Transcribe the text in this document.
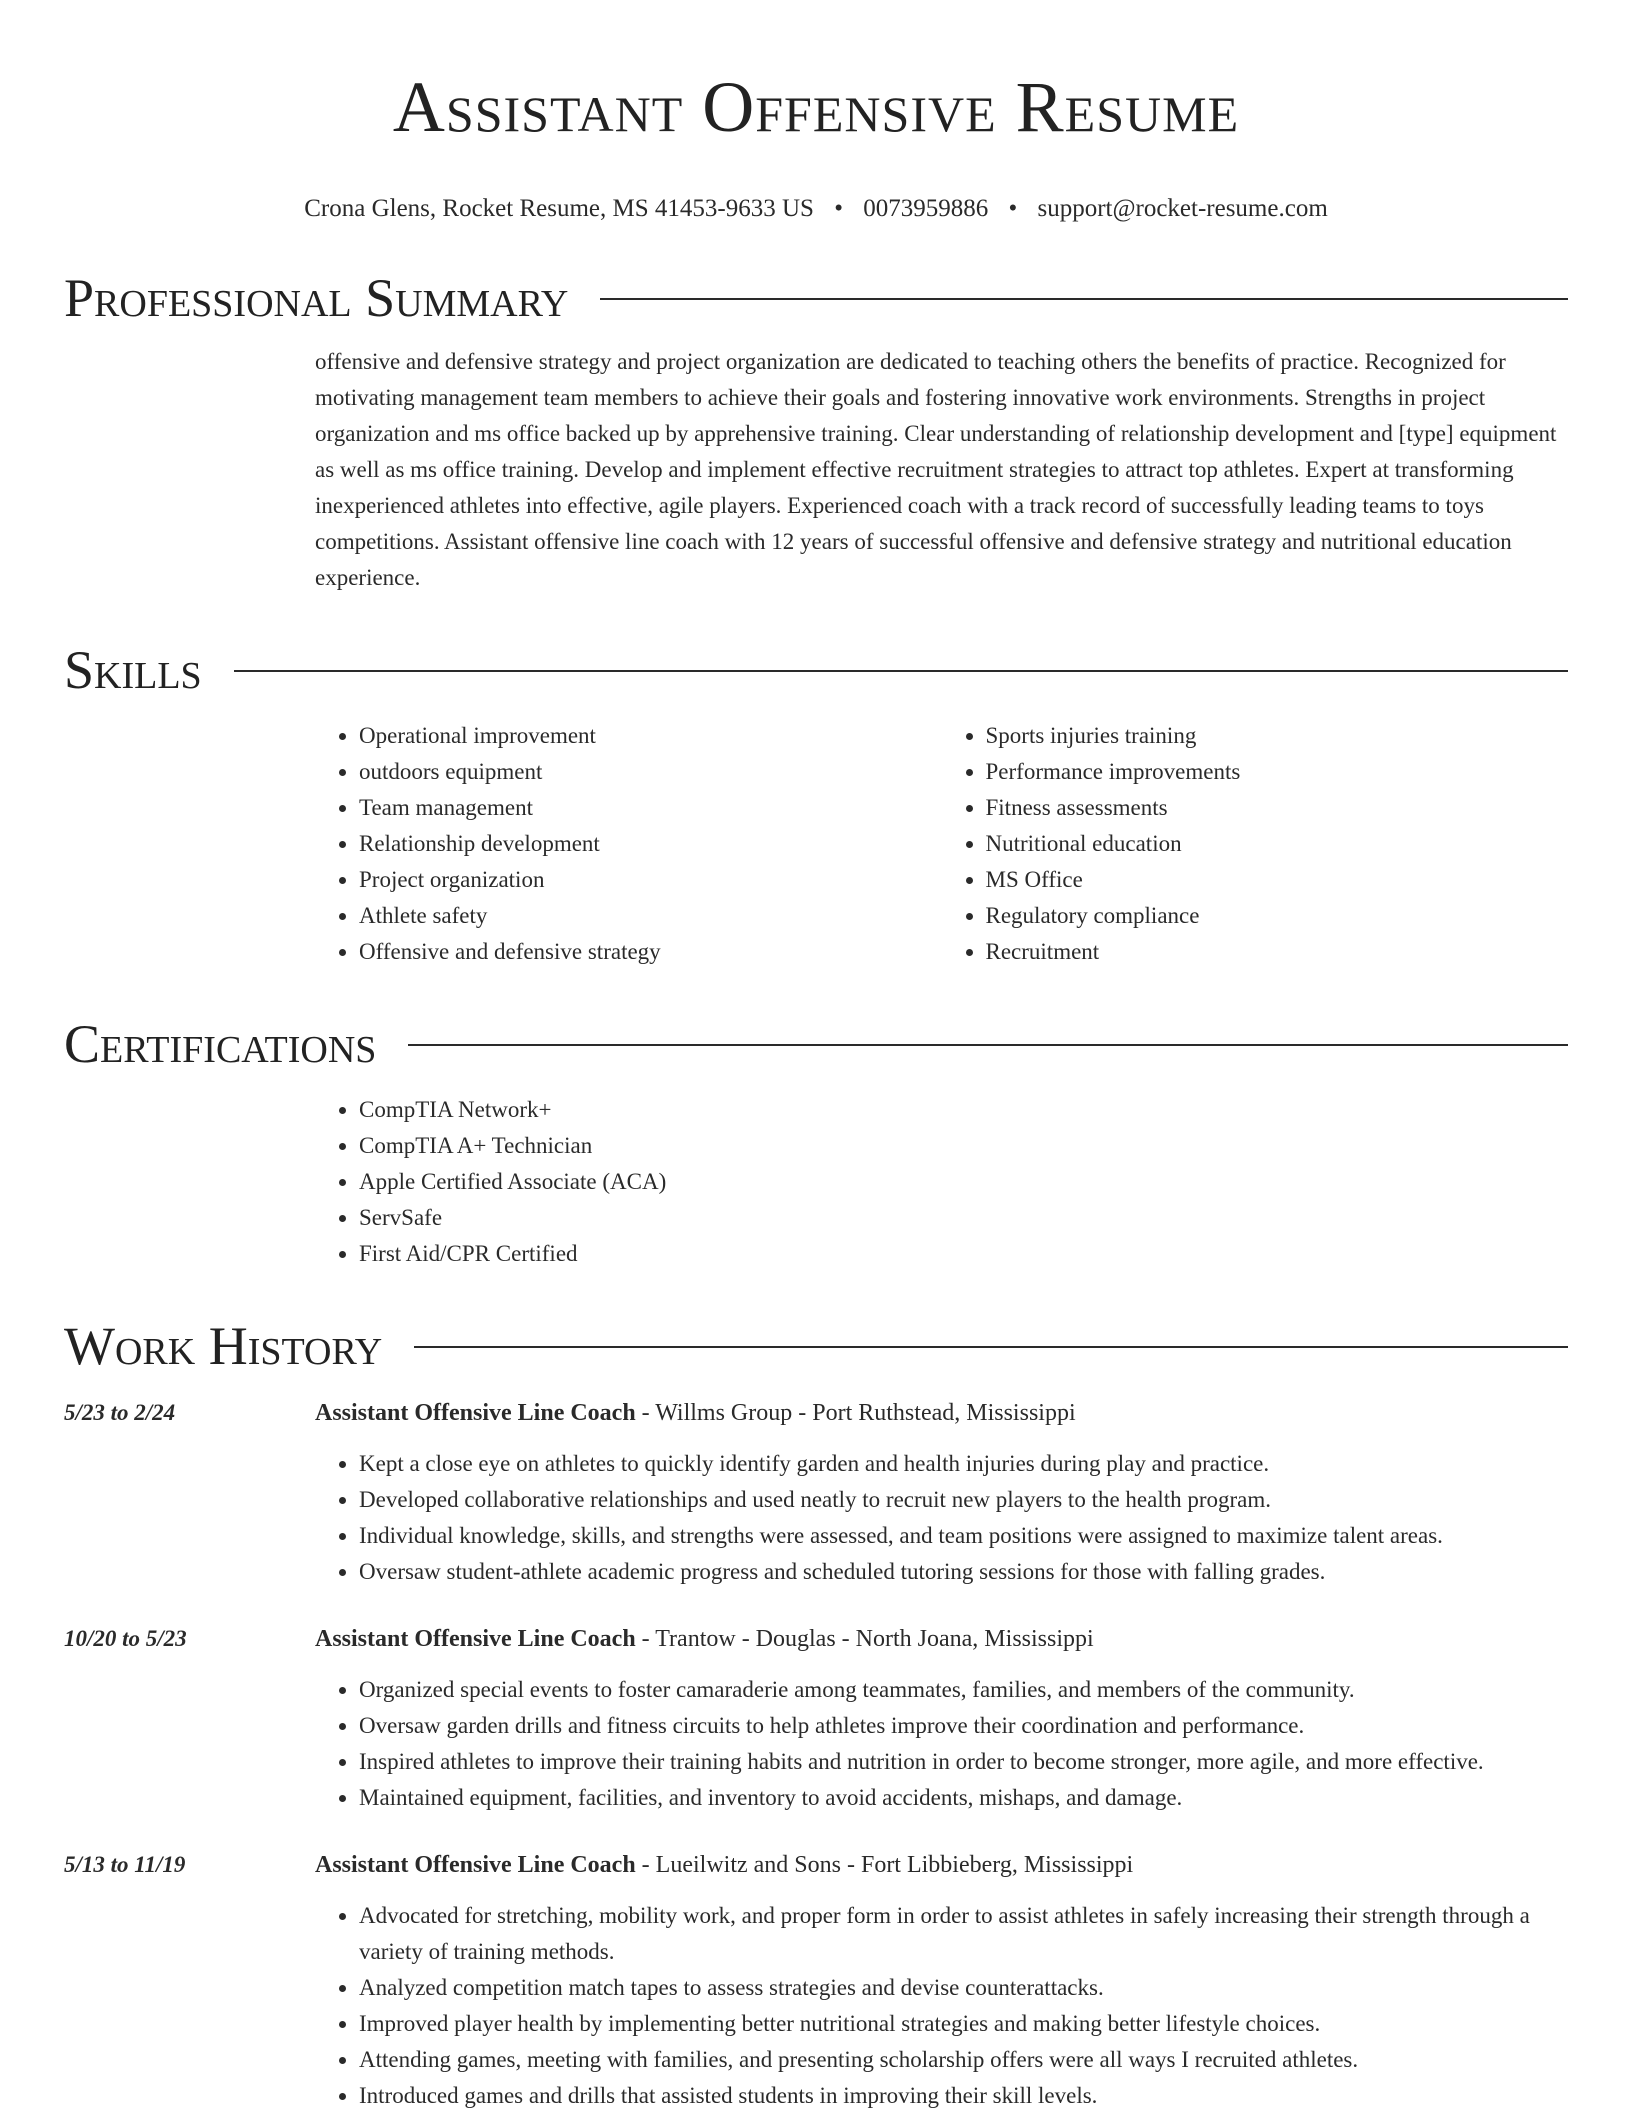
Assistant Offensive Resume
Crona Glens, Rocket Resume, MS 41453-9633 US • 0073959886 • support@rocket-resume.com
Professional Summary
offensive and defensive strategy and project organization are dedicated to teaching others the benefits of practice. Recognized for motivating management team members to achieve their goals and fostering innovative work environments. Strengths in project organization and ms office backed up by apprehensive training. Clear understanding of relationship development and [type] equipment as well as ms office training. Develop and implement effective recruitment strategies to attract top athletes. Expert at transforming inexperienced athletes into effective, agile players. Experienced coach with a track record of successfully leading teams to toys competitions. Assistant offensive line coach with 12 years of successful offensive and defensive strategy and nutritional education experience.
Skills
• Operational improvement
• outdoors equipment
• Team management
• Relationship development
• Project organization
• Athlete safety
• Offensive and defensive strategy
• Sports injuries training
• Performance improvements
• Fitness assessments
• Nutritional education
• MS Office
• Regulatory compliance
• Recruitment
Certifications
• CompTIA Network+
• CompTIA A+ Technician
• Apple Certified Associate (ACA)
• ServSafe
• First Aid/CPR Certified
Work History
5/23 to 2/24	Assistant Offensive Line Coach - Willms Group - Port Ruthstead, Mississippi
• Kept a close eye on athletes to quickly identify garden and health injuries during play and practice.
• Developed collaborative relationships and used neatly to recruit new players to the health program.
• Individual knowledge, skills, and strengths were assessed, and team positions were assigned to maximize talent areas.
• Oversaw student-athlete academic progress and scheduled tutoring sessions for those with falling grades.
10/20 to 5/23	Assistant Offensive Line Coach - Trantow - Douglas - North Joana, Mississippi
• Organized special events to foster camaraderie among teammates, families, and members of the community.
• Oversaw garden drills and fitness circuits to help athletes improve their coordination and performance.
• Inspired athletes to improve their training habits and nutrition in order to become stronger, more agile, and more effective.
• Maintained equipment, facilities, and inventory to avoid accidents, mishaps, and damage.
5/13 to 11/19	Assistant Offensive Line Coach - Lueilwitz and Sons - Fort Libbieberg, Mississippi
• Advocated for stretching, mobility work, and proper form in order to assist athletes in safely increasing their strength through a variety of training methods.
• Analyzed competition match tapes to assess strategies and devise counterattacks.
• Improved player health by implementing better nutritional strategies and making better lifestyle choices.
• Attending games, meeting with families, and presenting scholarship offers were all ways I recruited athletes.
• Introduced games and drills that assisted students in improving their skill levels.
